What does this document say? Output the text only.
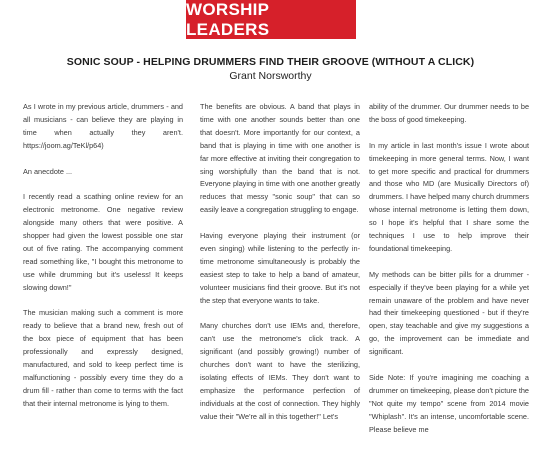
WORSHIP LEADERS
SONIC SOUP - HELPING DRUMMERS FIND THEIR GROOVE (WITHOUT A CLICK)
Grant Norsworthy

As I wrote in my previous article, drummers - and all musicians - can believe they are playing in time when actually they aren't. https://joom.ag/TeKl/p64)

An anecdote ...

I recently read a scathing online review for an electronic metronome. One negative review alongside many others that were positive. A shopper had given the lowest possible one star out of five rating. The accompanying comment read something like, "I bought this metronome to use while drumming but it's useless! It keeps slowing down!"

The musician making such a comment is more ready to believe that a brand new, fresh out of the box piece of equipment that has been professionally and expressly designed, manufactured, and sold to keep perfect time is malfunctioning - possibly every time they do a drum fill - rather than come to terms with the fact that their internal metronome is lying to them.

The benefits are obvious. A band that plays in time with one another sounds better than one that doesn't. More importantly for our context, a band that is playing in time with one another is far more effective at inviting their congregation to sing worshipfully than the band that is not. Everyone playing in time with one another greatly reduces that messy "sonic soup" that can so easily leave a congregation struggling to engage.

Having everyone playing their instrument (or even singing) while listening to the perfectly in-time metronome simultaneously is probably the easiest step to take to help a band of amateur, volunteer musicians find their groove. But it's not the step that everyone wants to take.

Many churches don't use IEMs and, therefore, can't use the metronome's click track. A significant (and possibly growing!) number of churches don't want to have the sterilizing, isolating effects of IEMs. They don't want to emphasize the performance perfection of individuals at the cost of connection. They highly value their "We're all in this together!" Let's

ability of the drummer. Our drummer needs to be the boss of good timekeeping.

In my article in last month's issue I wrote about timekeeping in more general terms. Now, I want to get more specific and practical for drummers and those who MD (are Musically Directors of) drummers. I have helped many church drummers whose internal metronome is letting them down, so I hope it's helpful that I share some the techniques I use to help improve their foundational timekeeping.

My methods can be bitter pills for a drummer - especially if they've been playing for a while yet remain unaware of the problem and have never had their timekeeping questioned - but if they're open, stay teachable and give my suggestions a go, the improvement can be immediate and significant.

Side Note: If you're imagining me coaching a drummer on timekeeping, please don't picture the "Not quite my tempo" scene from 2014 movie "Whiplash". It's an intense, uncomfortable scene. Please believe me
